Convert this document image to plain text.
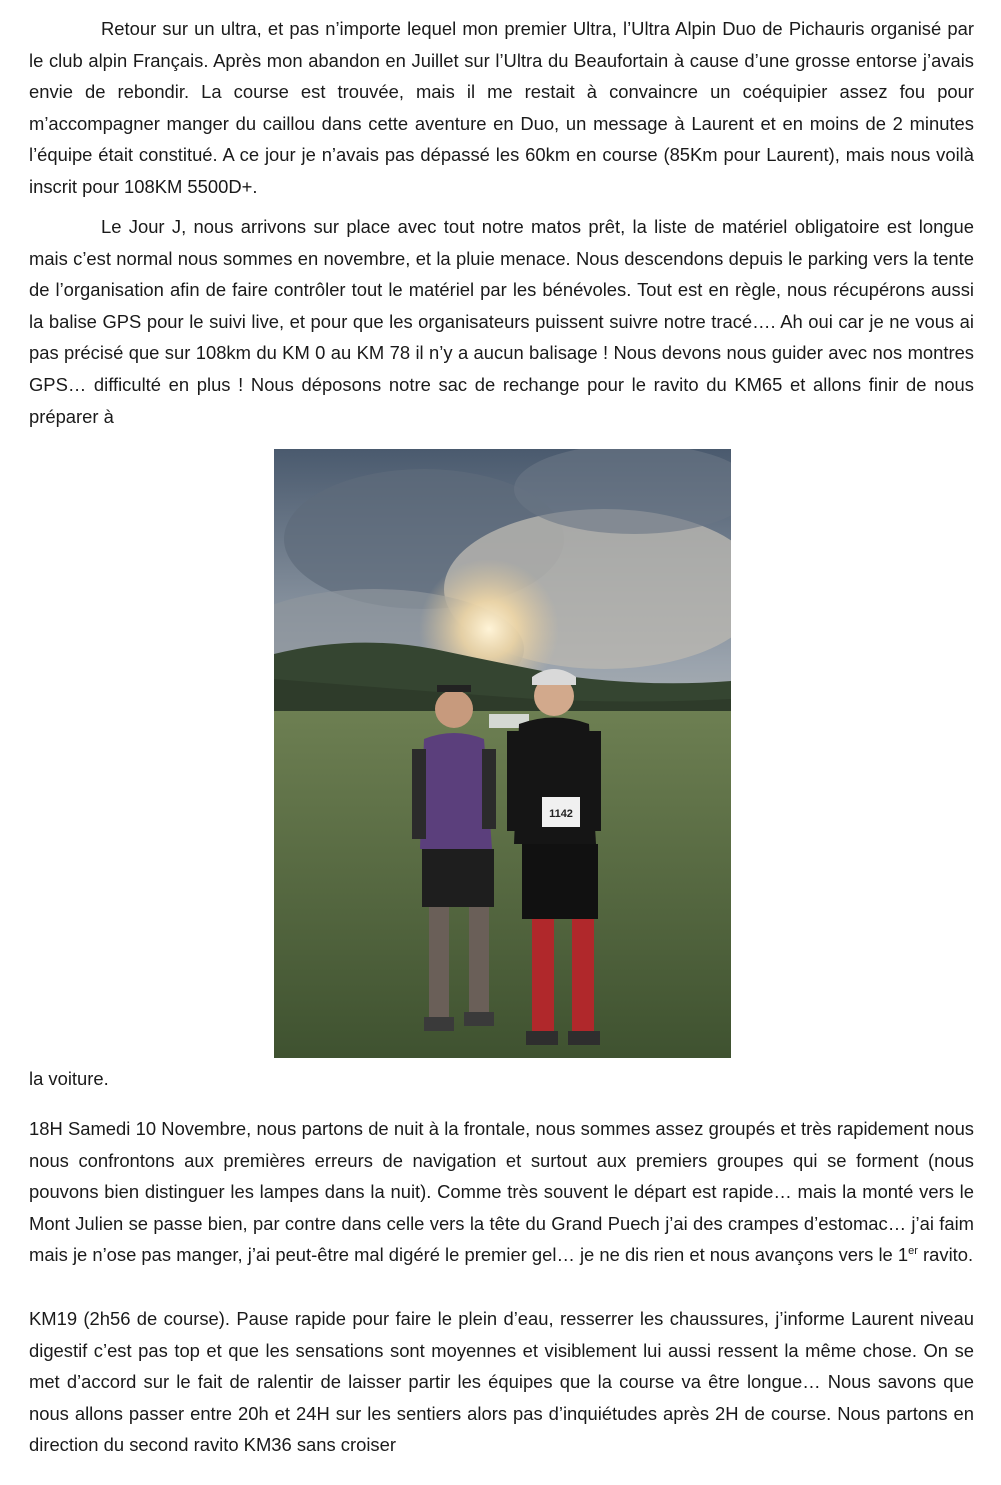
Retour sur un ultra, et pas n’importe lequel mon premier Ultra, l’Ultra Alpin Duo de Pichauris organisé par le club alpin Français. Après mon abandon en Juillet sur l’Ultra du Beaufortain à cause d’une grosse entorse j’avais envie de rebondir. La course est trouvée, mais il me restait à convaincre un coéquipier assez fou pour m’accompagner manger du caillou dans cette aventure en Duo, un message à Laurent et en moins de 2 minutes l’équipe était constitué. A ce jour je n’avais pas dépassé les 60km en course (85Km pour Laurent), mais nous voilà inscrit pour 108KM 5500D+.

Le Jour J, nous arrivons sur place avec tout notre matos prêt, la liste de matériel obligatoire est longue mais c’est normal nous sommes en novembre, et la pluie menace. Nous descendons depuis le parking vers la tente de l’organisation afin de faire contrôler tout le matériel par les bénévoles. Tout est en règle, nous récupérons aussi la balise GPS pour le suivi live, et pour que les organisateurs puissent suivre notre tracé…. Ah oui car je ne vous ai pas précisé que sur 108km du KM 0 au KM 78 il n’y a aucun balisage ! Nous devons nous guider avec nos montres GPS… difficulté en plus ! Nous déposons notre sac de rechange pour le ravito du KM65 et allons finir de nous préparer à

1142

la voiture.

18H Samedi 10 Novembre, nous partons de nuit à la frontale, nous sommes assez groupés et très rapidement nous nous confrontons aux premières erreurs de navigation et surtout aux premiers groupes qui se forment (nous pouvons bien distinguer les lampes dans la nuit). Comme très souvent le départ est rapide… mais la monté vers le Mont Julien se passe bien, par contre dans celle vers la tête du Grand Puech j’ai des crampes d’estomac… j’ai faim mais je n’ose pas manger, j’ai peut-être mal digéré le premier gel… je ne dis rien et nous avançons vers le 1er ravito.

KM19 (2h56 de course). Pause rapide pour faire le plein d’eau, resserrer les chaussures, j’informe Laurent niveau digestif c’est pas top et que les sensations sont moyennes et visiblement lui aussi ressent la même chose. On se met d’accord sur le fait de ralentir de laisser partir les équipes que la course va être longue… Nous savons que nous allons passer entre 20h et 24H sur les sentiers alors pas d’inquiétudes après 2H de course. Nous partons en direction du second ravito KM36 sans croiser
